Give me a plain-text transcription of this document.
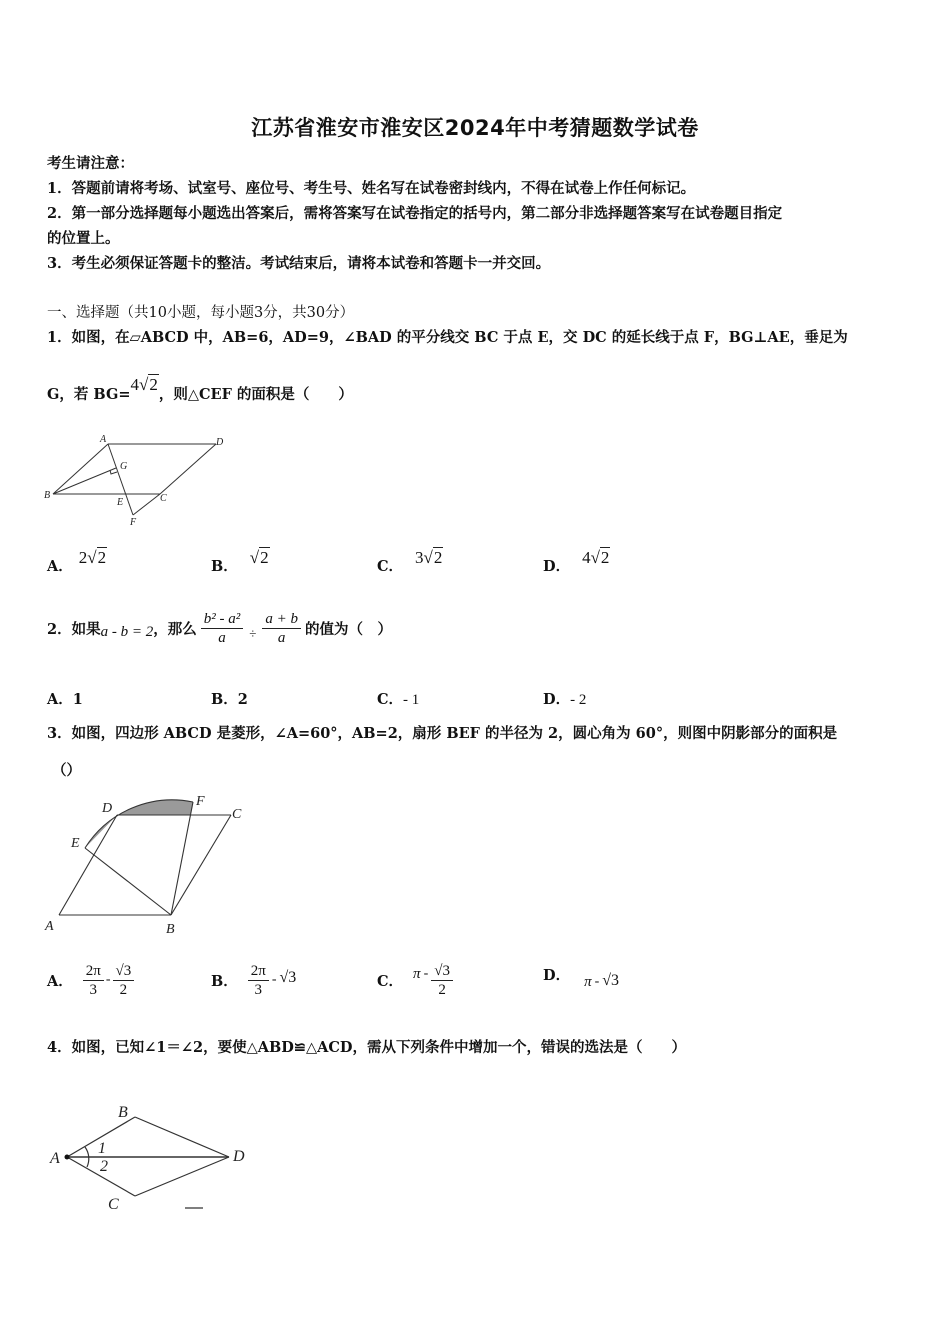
江苏省淮安市淮安区2024年中考猜题数学试卷
考生请注意：
1．答题前请将考场、试室号、座位号、考生号、姓名写在试卷密封线内，不得在试卷上作任何标记。
2．第一部分选择题每小题选出答案后，需将答案写在试卷指定的括号内，第二部分非选择题答案写在试卷题目指定
的位置上。
3．考生必须保证答题卡的整洁。考试结束后，请将本试卷和答题卡一并交回。
一、选择题（共10小题，每小题3分，共30分）
1．如图，在▱ABCD 中，AB=6，AD=9，∠BAD 的平分线交 BC 于点 E，交 DC 的延长线于点 F，BG⊥AE，垂足为
G，若 BG= 4√2 ，则△CEF 的面积是（　　）
A	D
G
B
E	C
F
A． 2√2	B． √2	C． 3√2	D． 4√2
2．如果 a - b = 2 ，那么 $\frac{\text{b² - a²}}{a} \div \frac{a + b}{a}$ 的值为（　）
A．1	B．2	C．- 1	D．- 2
3．如图，四边形 ABCD 是菱形，∠A=60°，AB=2，扇形 BEF 的半径为 2，圆心角为 60°，则图中阴影部分的面积是
（）
D	F
C
E
A	B
A． $\frac{2\pi}{3} - \frac{√3}{2}$	B． $\frac{2\pi}{3} - √3$	C． π - $\frac{√3}{2}$	D． π - √3
4．如图，已知∠1＝∠2，要使△ABD≌△ACD，需从下列条件中增加一个，错误的选法是（　　）
B
A
1
2
D
C
